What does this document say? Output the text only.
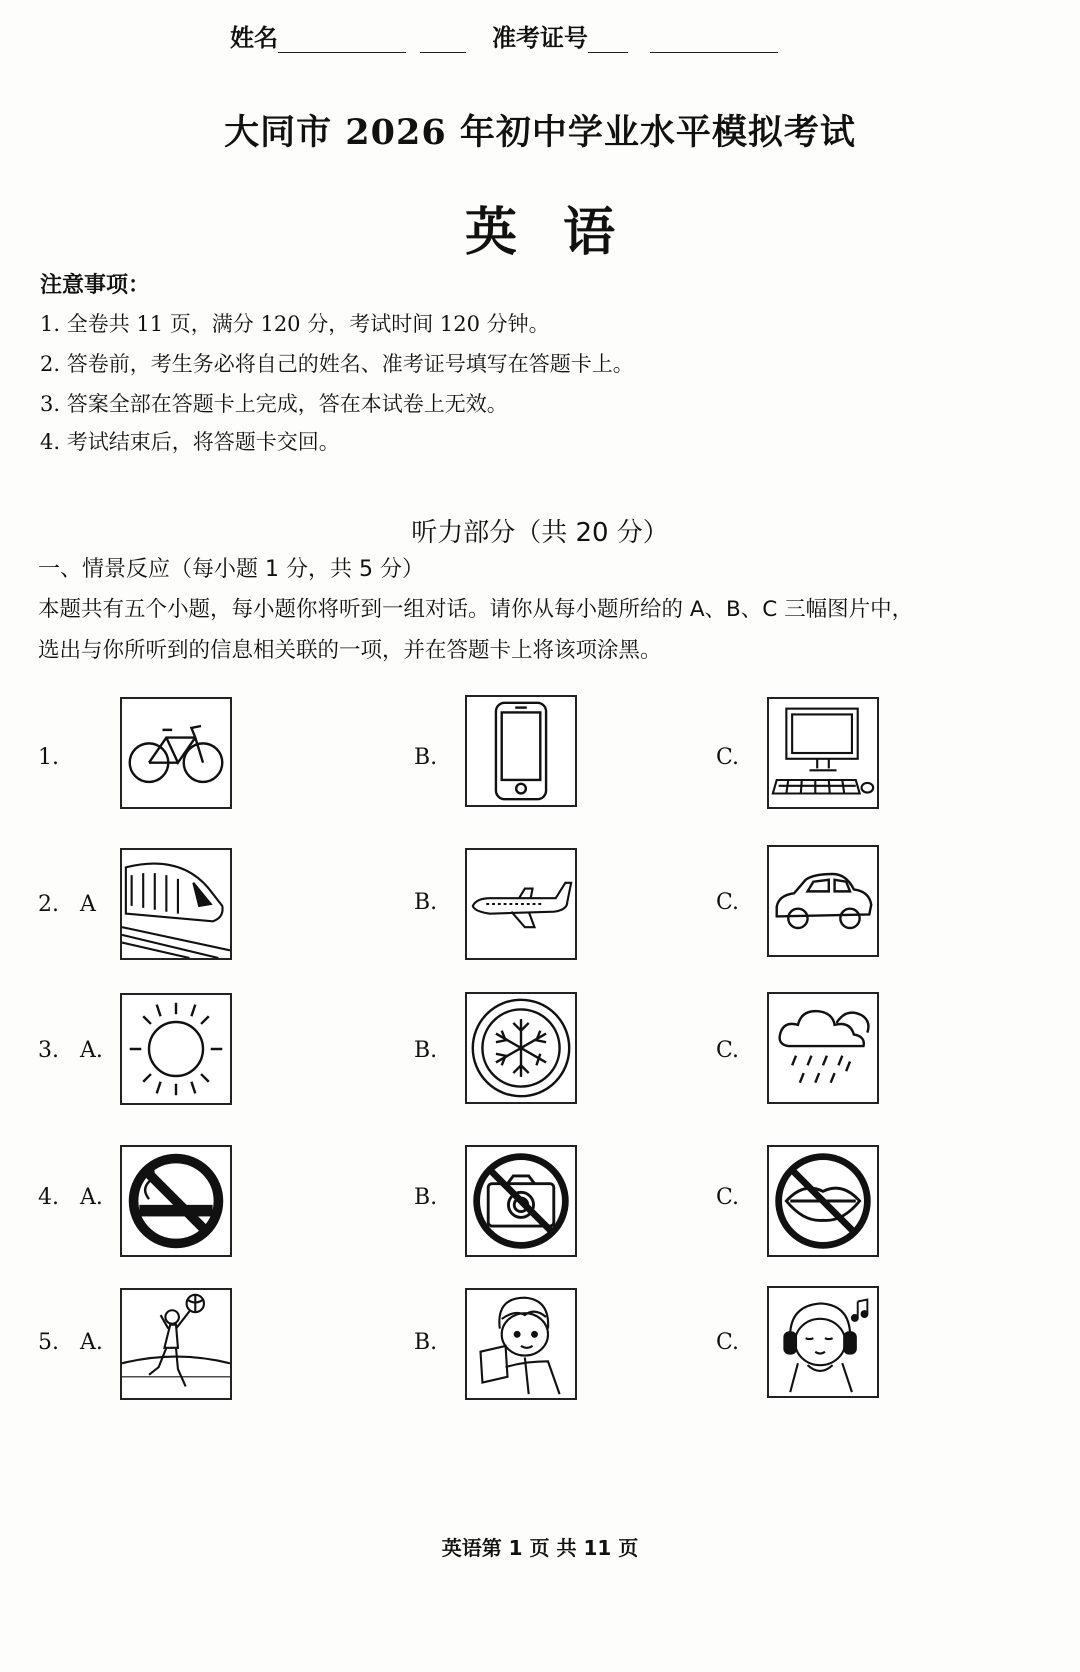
姓名	准考证号
大同市 2026 年初中学业水平模拟考试
英语
注意事项：
1. 全卷共 11 页，满分 120 分，考试时间 120 分钟。
2. 答卷前，考生务必将自己的姓名、准考证号填写在答题卡上。
3. 答案全部在答题卡上完成，答在本试卷上无效。
4. 考试结束后，将答题卡交回。
听力部分（共 20 分）
一、情景反应（每小题 1 分，共 5 分）
本题共有五个小题，每小题你将听到一组对话。请你从每小题所给的 A、B、C 三幅图片中，
选出与你所听到的信息相关联的一项，并在答题卡上将该项涂黑。
1.	B.	C.
2. A	B.	C.
3. A.	B.	C.
4. A.	B.	C.
5. A.	B.	C.
英语第 1 页 共 11 页
